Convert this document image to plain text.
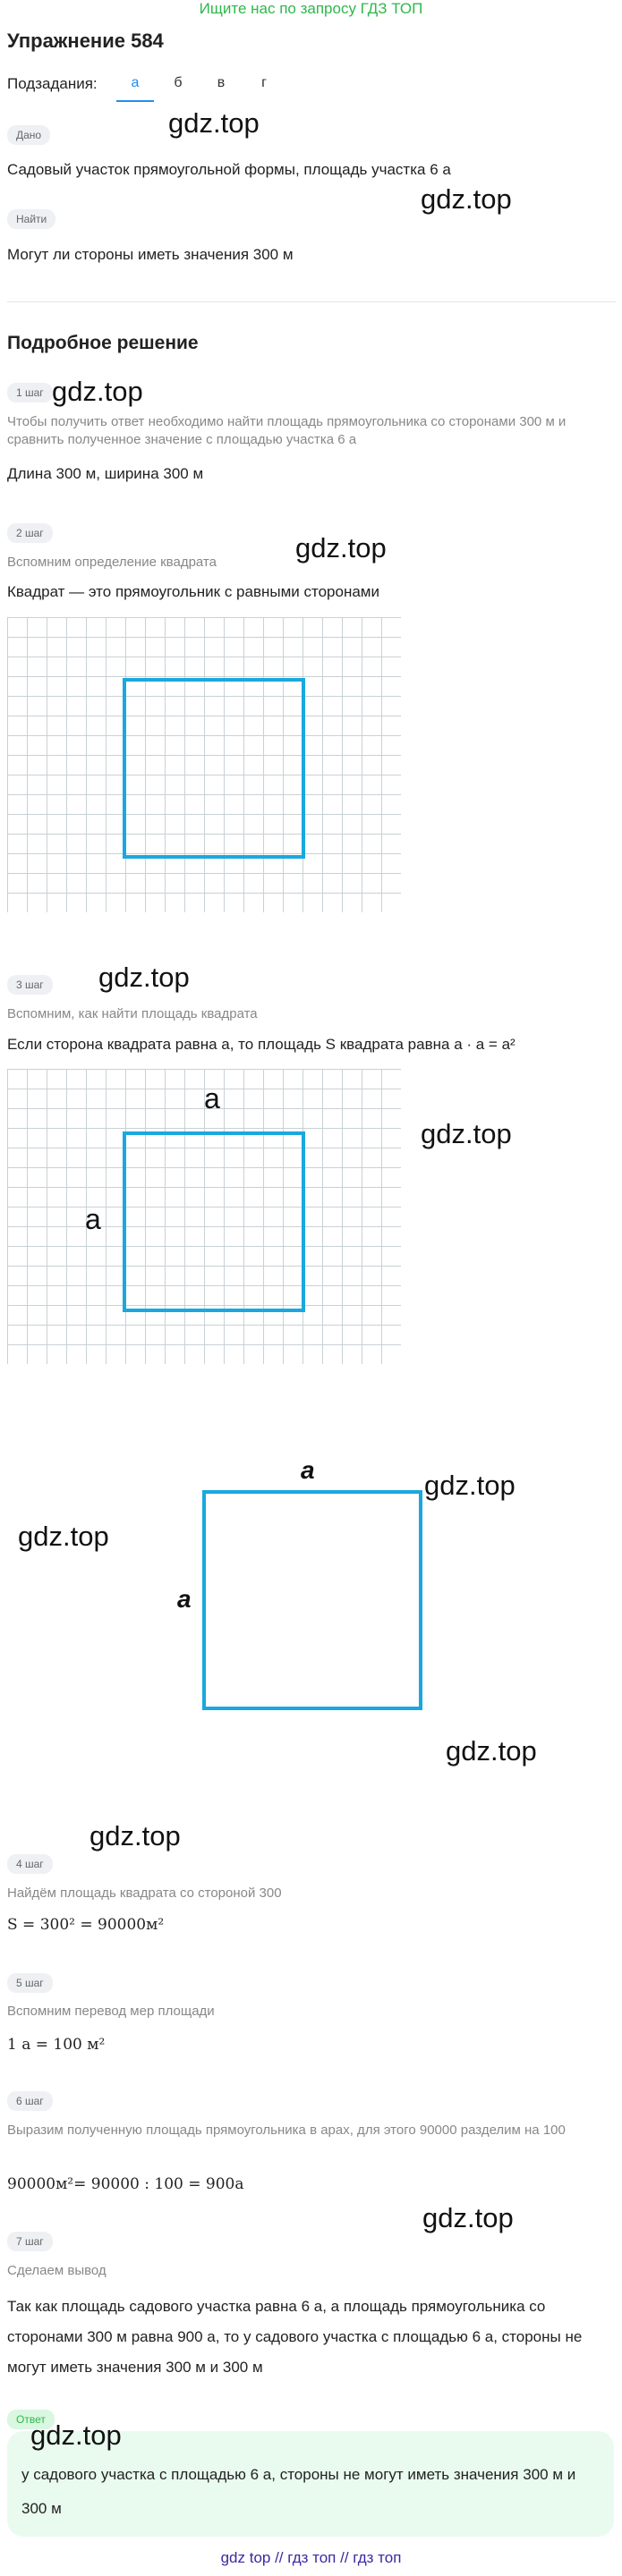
Ищите нас по запросу ГДЗ ТОП
Упражнение 584
Подзадания:	а	б	в	г
Дано
Садовый участок прямоугольной формы, площадь участка 6 а
Найти
Могут ли стороны иметь значения 300 м
Подробное решение
1 шаг
Чтобы получить ответ необходимо найти площадь прямоугольника со сторонами 300 м и сравнить полученное значение с площадью участка 6 а
Длина 300 м, ширина 300 м
2 шаг
Вспомним определение квадрата
Квадрат — это прямоугольник с равными сторонами
3 шаг
Вспомним, как найти площадь квадрата
Если сторона квадрата равна a, то площадь S квадрата равна a · a = a²
a
a
a
a
4 шаг
Найдём площадь квадрата со стороной 300
S = 300² = 90000м²
5 шаг
Вспомним перевод мер площади
1 а = 100 м²
6 шаг
Выразим полученную площадь прямоугольника в арах, для этого 90000 разделим на 100
90000м²= 90000 : 100 = 900а
7 шаг
Сделаем вывод
Так как площадь садового участка равна 6 а, а площадь прямоугольника со сторонами 300 м равна 900 а, то у садового участка с площадью 6 а, стороны не могут иметь значения 300 м и 300 м
Ответ
у садового участка с площадью 6 а, стороны не могут иметь значения 300 м и 300 м
gdz.top
gdz.top
gdz.top
gdz.top
gdz.top
gdz.top
gdz.top
gdz.top
gdz.top
gdz.top
gdz.top
gdz.top
gdz top // гдз топ // гдз топ
